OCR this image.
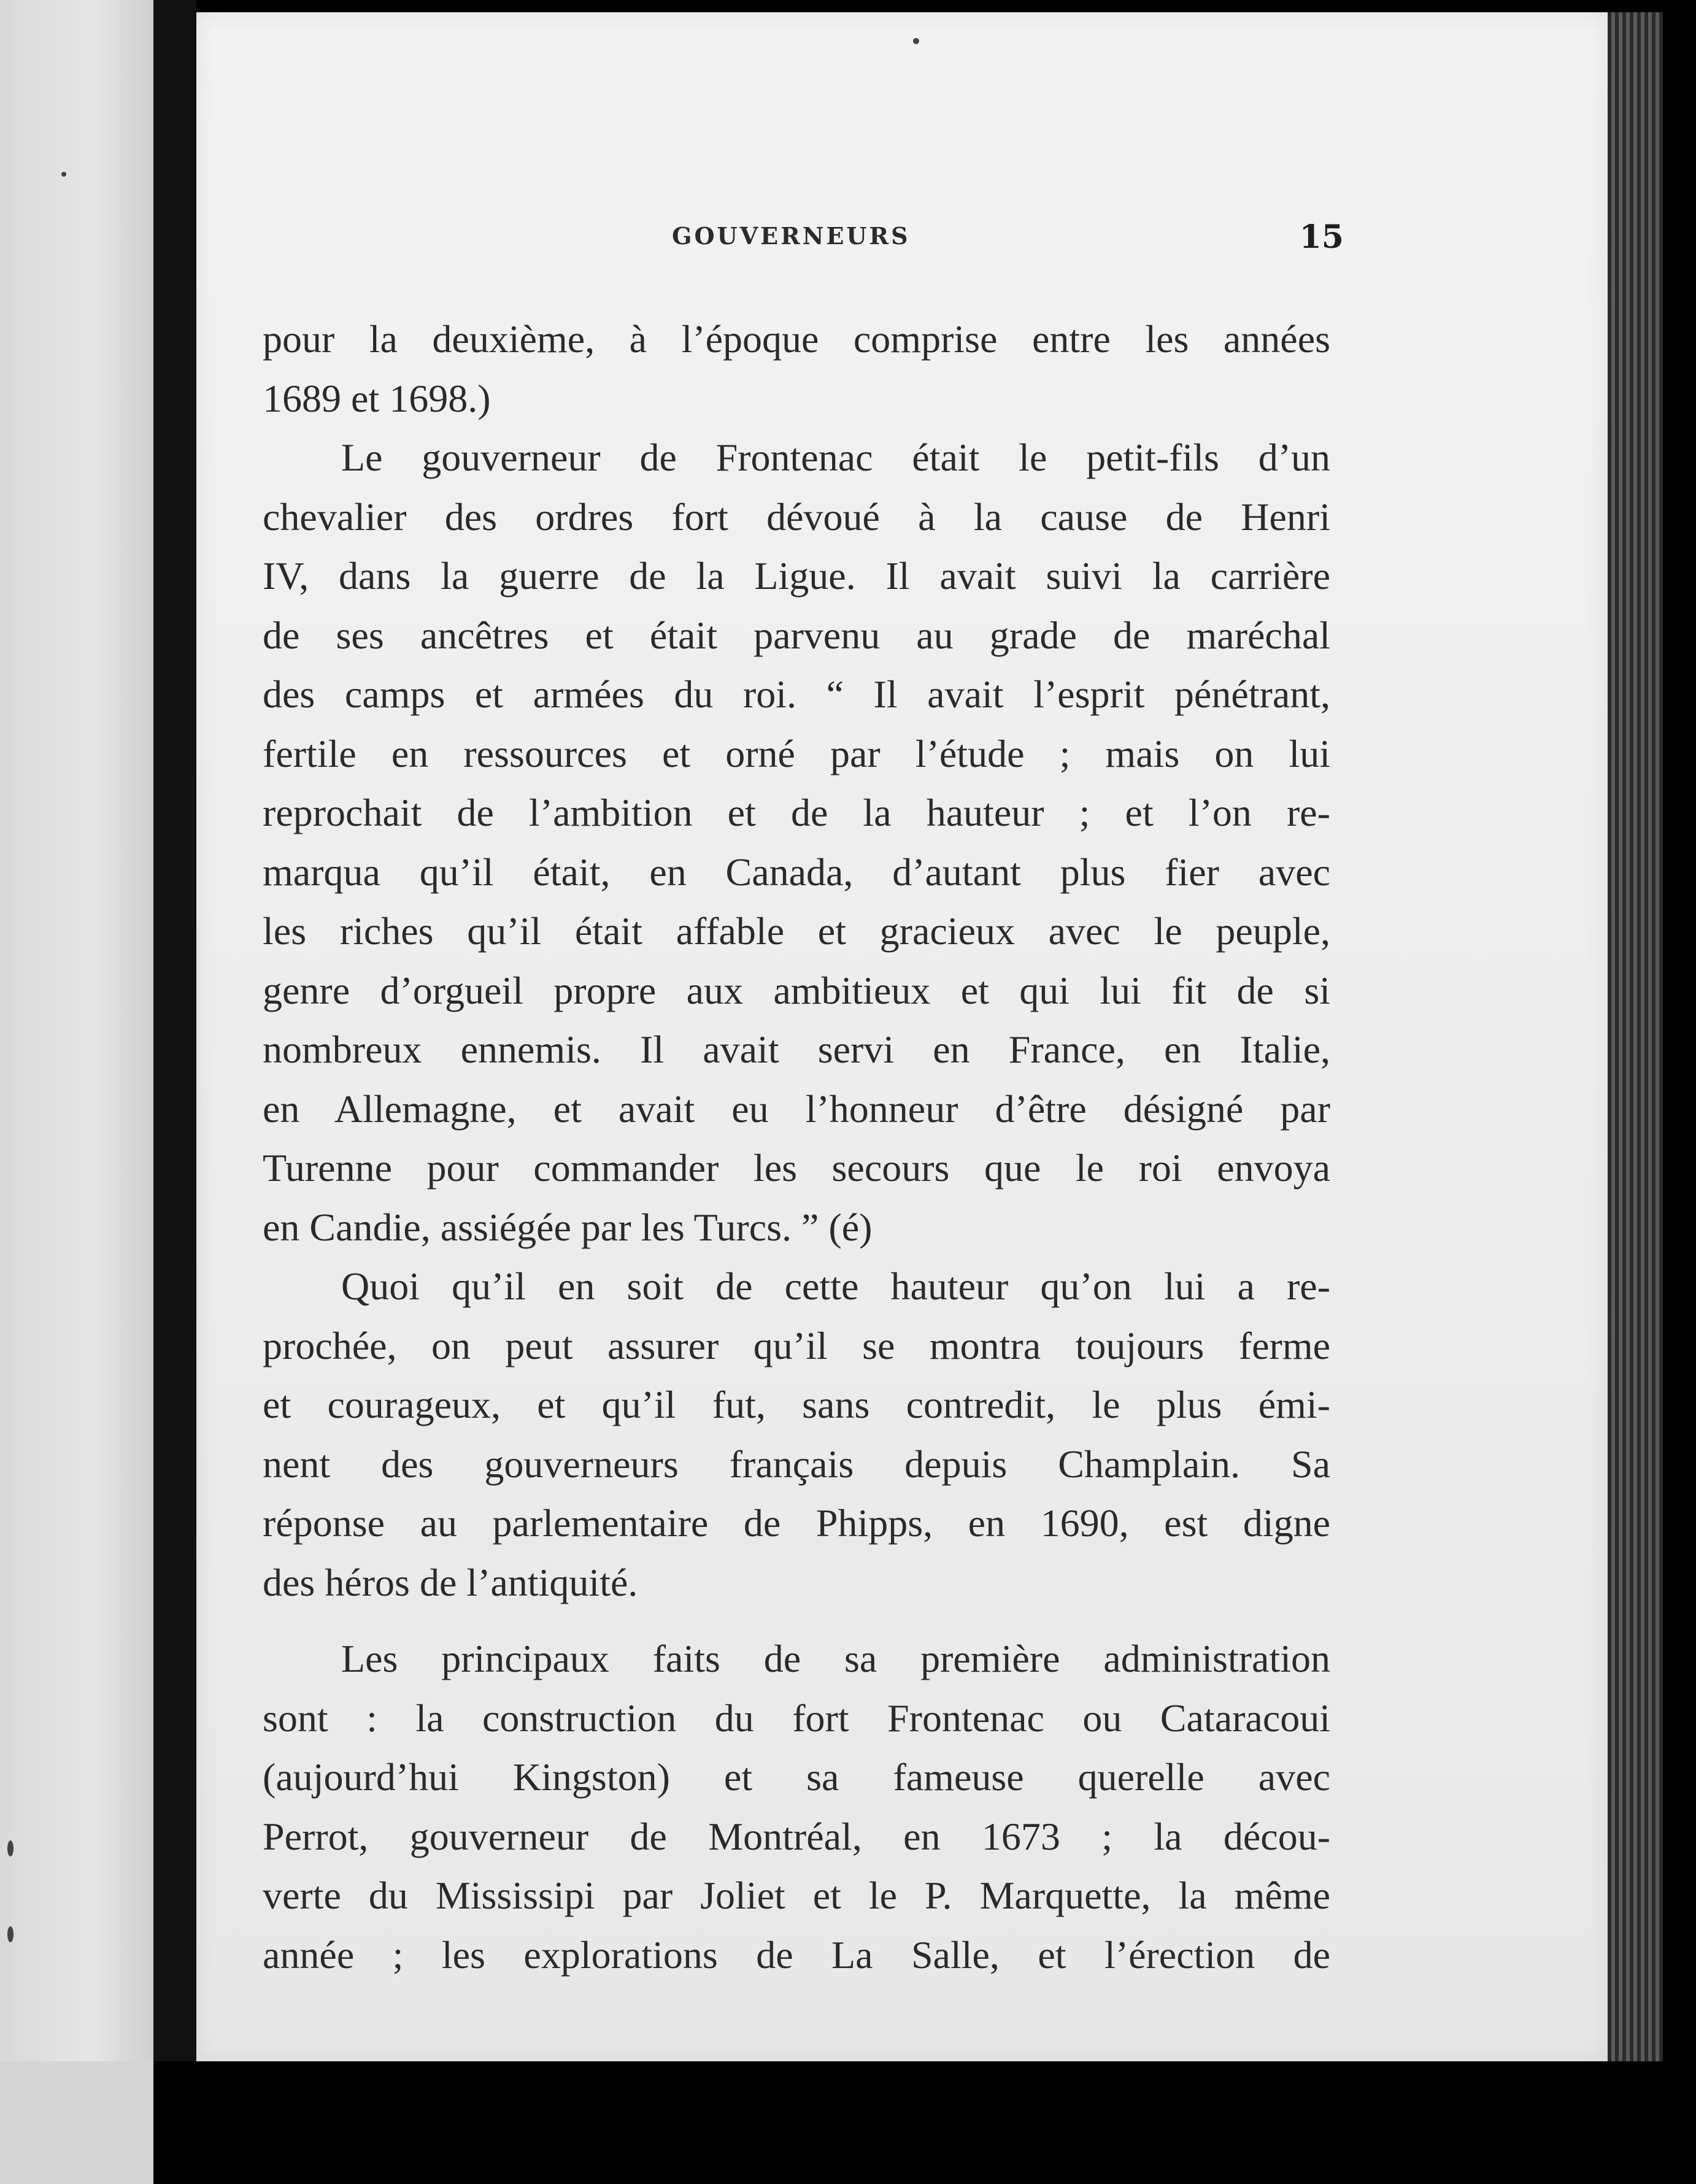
GOUVERNEURS	15

pour la deuxième, à l’époque comprise entre les années

1689 et 1698.)

Le gouverneur de Frontenac était le petit-fils d’un

chevalier des ordres fort dévoué à la cause de Henri

IV, dans la guerre de la Ligue. Il avait suivi la carrière

de ses ancêtres et était parvenu au grade de maréchal

des camps et armées du roi. “ Il avait l’esprit pénétrant,

fertile en ressources et orné par l’étude ; mais on lui

reprochait de l’ambition et de la hauteur ; et l’on re-

marqua qu’il était, en Canada, d’autant plus fier avec

les riches qu’il était affable et gracieux avec le peuple,

genre d’orgueil propre aux ambitieux et qui lui fit de si

nombreux ennemis. Il avait servi en France, en Italie,

en Allemagne, et avait eu l’honneur d’être désigné par

Turenne pour commander les secours que le roi envoya

en Candie, assiégée par les Turcs. ” (é)

Quoi qu’il en soit de cette hauteur qu’on lui a re-

prochée, on peut assurer qu’il se montra toujours ferme

et courageux, et qu’il fut, sans contredit, le plus émi-

nent des gouverneurs français depuis Champlain. Sa

réponse au parlementaire de Phipps, en 1690, est digne

des héros de l’antiquité.

Les principaux faits de sa première administration

sont : la construction du fort Frontenac ou Cataracoui

(aujourd’hui Kingston) et sa fameuse querelle avec

Perrot, gouverneur de Montréal, en 1673 ; la décou-

verte du Mississipi par Joliet et le P. Marquette, la même

année ; les explorations de La Salle, et l’érection de
